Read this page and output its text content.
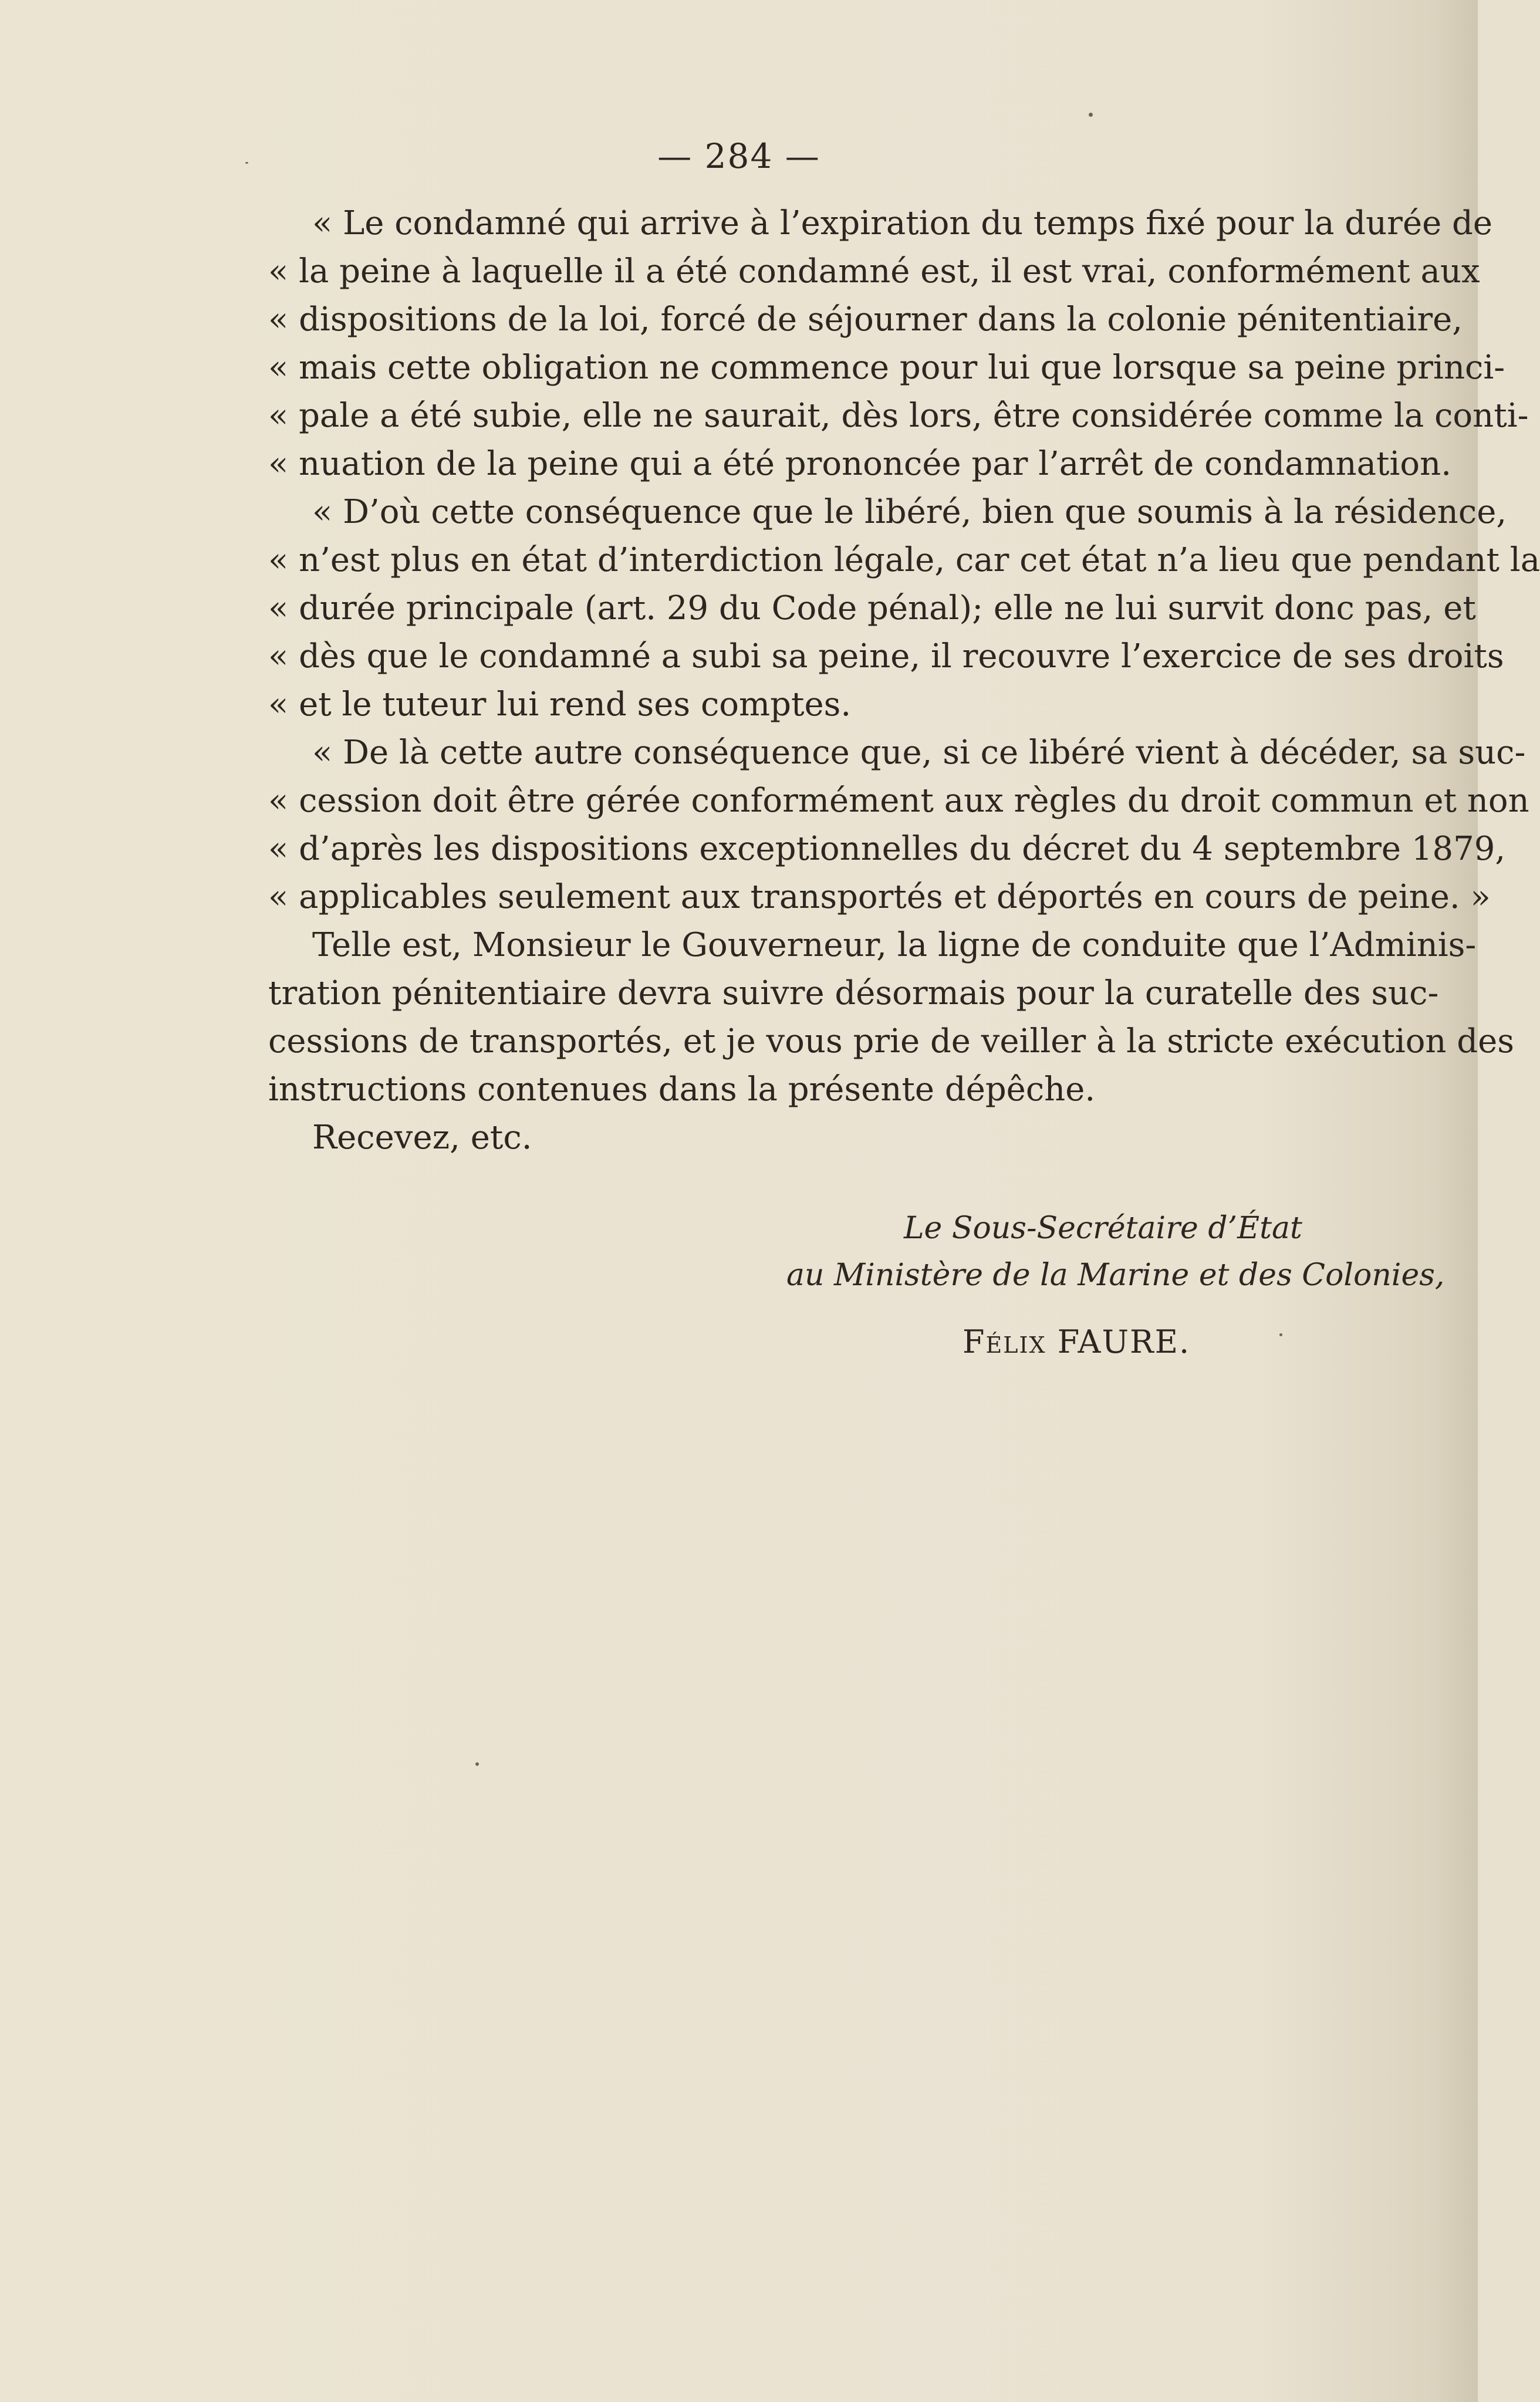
— 284 —
« Le condamné qui arrive à l’expiration du temps fixé pour la durée de
« la peine à laquelle il a été condamné est, il est vrai, conformément aux
« dispositions de la loi, forcé de séjourner dans la colonie pénitentiaire,
« mais cette obligation ne commence pour lui que lorsque sa peine princi-
« pale a été subie, elle ne saurait, dès lors, être considérée comme la conti-
« nuation de la peine qui a été prononcée par l’arrêt de condamnation.
« D’où cette conséquence que le libéré, bien que soumis à la résidence,
« n’est plus en état d’interdiction légale, car cet état n’a lieu que pendant la
« durée principale (art. 29 du Code pénal); elle ne lui survit donc pas, et
« dès que le condamné a subi sa peine, il recouvre l’exercice de ses droits
« et le tuteur lui rend ses comptes.
« De là cette autre conséquence que, si ce libéré vient à décéder, sa suc-
« cession doit être gérée conformément aux règles du droit commun et non
« d’après les dispositions exceptionnelles du décret du 4 septembre 1879,
« applicables seulement aux transportés et déportés en cours de peine. »
Telle est, Monsieur le Gouverneur, la ligne de conduite que l’Adminis-
tration pénitentiaire devra suivre désormais pour la curatelle des suc-
cessions de transportés, et je vous prie de veiller à la stricte exécution des
instructions contenues dans la présente dépêche.
Recevez, etc.
Le Sous-Secrétaire d’État
au Ministère de la Marine et des Colonies,
Félix FAURE.
